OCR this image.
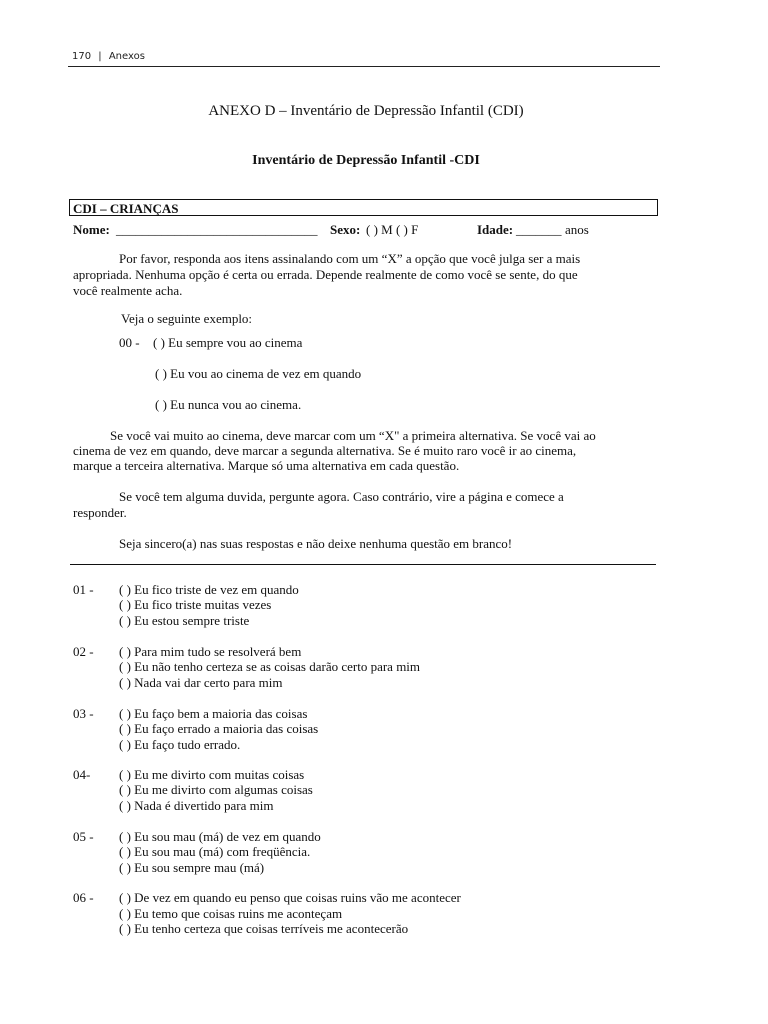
170 | Anexos
ANEXO D – Inventário de Depressão Infantil (CDI)
Inventário de Depressão Infantil -CDI
CDI – CRIANÇAS
Nome: _______________________________ Sexo: ( ) M ( ) F	Idade: _______ anos
Por favor, responda aos itens assinalando com um “X” a opção que você julga ser a mais
apropriada. Nenhuma opção é certa ou errada. Depende realmente de como você se sente, do que
você realmente acha.
Veja o seguinte exemplo:
00 - ( ) Eu sempre vou ao cinema
( ) Eu vou ao cinema de vez em quando
( ) Eu nunca vou ao cinema.
Se você vai muito ao cinema, deve marcar com um “X" a primeira alternativa. Se você vai ao
cinema de vez em quando, deve marcar a segunda alternativa. Se é muito raro você ir ao cinema,
marque a terceira alternativa. Marque só uma alternativa em cada questão.
Se você tem alguma duvida, pergunte agora. Caso contrário, vire a página e comece a
responder.
Seja sincero(a) nas suas respostas e não deixe nenhuma questão em branco!
01 - ( ) Eu fico triste de vez em quando
( ) Eu fico triste muitas vezes
( ) Eu estou sempre triste
02 - ( ) Para mim tudo se resolverá bem
( ) Eu não tenho certeza se as coisas darão certo para mim
( ) Nada vai dar certo para mim
03 - ( ) Eu faço bem a maioria das coisas
( ) Eu faço errado a maioria das coisas
( ) Eu faço tudo errado.
04- ( ) Eu me divirto com muitas coisas
( ) Eu me divirto com algumas coisas
( ) Nada é divertido para mim
05 - ( ) Eu sou mau (má) de vez em quando
( ) Eu sou mau (má) com freqüência.
( ) Eu sou sempre mau (má)
06 - ( ) De vez em quando eu penso que coisas ruins vão me acontecer
( ) Eu temo que coisas ruins me aconteçam
( ) Eu tenho certeza que coisas terríveis me acontecerão
